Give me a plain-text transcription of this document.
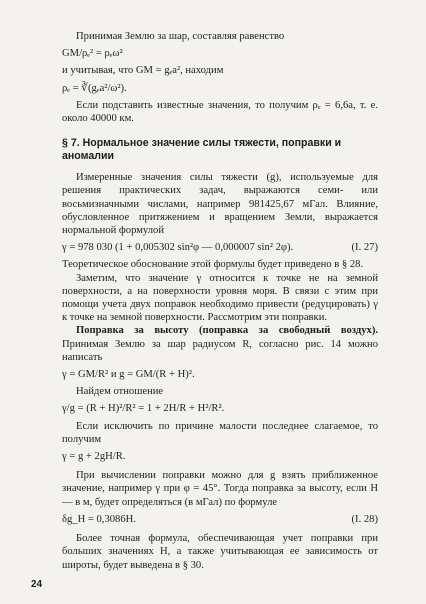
Принимая Землю за шар, составляя равенство

GM/ρₑ² = ρₑω²

и учитывая, что GM = gₑa², находим

ρₑ = ∛(gₑa²/ω²).

Если подставить известные значения, то получим ρₑ = 6,6a, т. е. около 40000 км.

§ 7. Нормальное значение силы тяжести, поправки и аномалии

Измеренные значения силы тяжести (g), используемые для решения практических задач, выражаются семи- или восьмизначными числами, например 981425,67 мГал. Влияние, обусловленное притяжением и вращением Земли, выражается нормальной формулой

γ = 978 030 (1 + 0,005302 sin²φ — 0,000007 sin² 2φ).	(I. 27)

Теоретическое обоснование этой формулы будет приведено в § 28.

Заметим, что значение γ относится к точке не на земной поверхности, а на поверхности уровня моря. В связи с этим при помощи учета двух поправок необходимо привести (редуцировать) γ к точке на земной поверхности. Рассмотрим эти поправки.

Поправка за высоту (поправка за свободный воздух). Принимая Землю за шар радиусом R, согласно рис. 14 можно написать

γ = GM/R² и g = GM/(R + H)².

Найдем отношение

γ/g = (R + H)²/R² = 1 + 2H/R + H²/R².

Если исключить по причине малости последнее слагаемое, то получим

γ = g + 2gH/R.

При вычислении поправки можно для g взять приближенное значение, например γ при φ = 45°. Тогда поправка за высоту, если H — в м, будет определяться (в мГал) по формуле

δg_H = 0,3086H.	(I. 28)

Более точная формула, обеспечивающая учет поправки при больших значениях H, а также учитывающая ее зависимость от широты, будет выведена в § 30.

24
